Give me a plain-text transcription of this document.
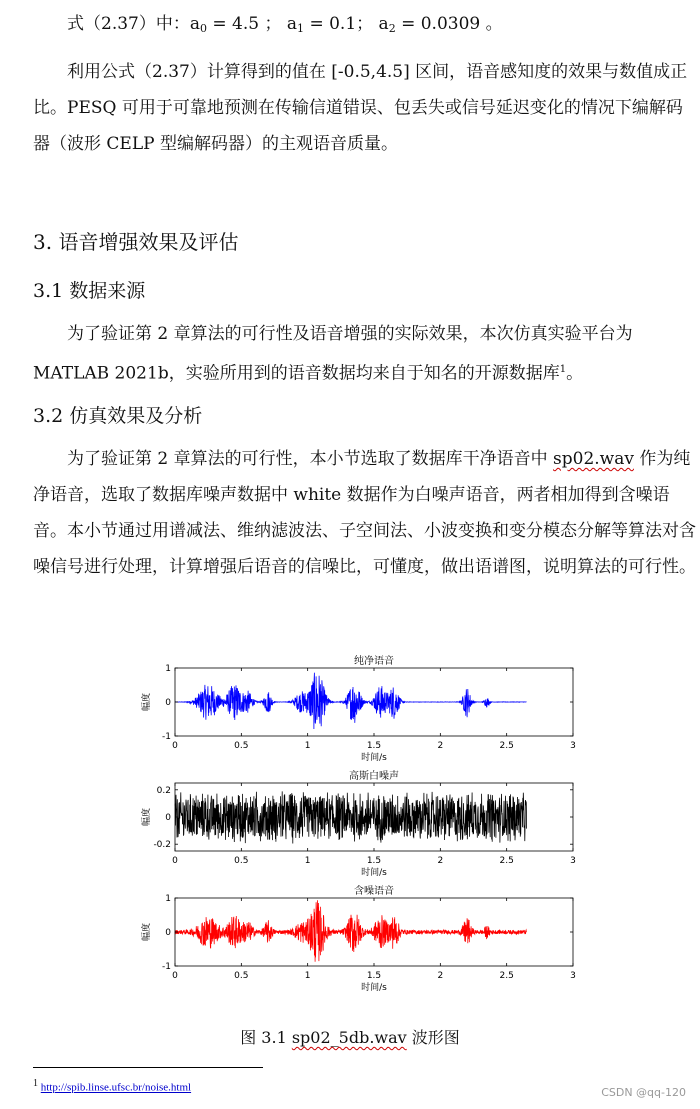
式（2.37）中：$a_0 = 4.5$ ； $a_1 = 0.1$； $a_2 = 0.0309$ 。

利用公式（2.37）计算得到的值在 [-0.5,4.5] 区间，语音感知度的效果与数值成正比。PESQ 可用于可靠地预测在传输信道错误、包丢失或信号延迟变化的情况下编解码器（波形 CELP 型编解码器）的主观语音质量。

3. 语音增强效果及评估
3.1 数据来源

为了验证第 2 章算法的可行性及语音增强的实际效果，本次仿真实验平台为 MATLAB 2021b，实验所用到的语音数据均来自于知名的开源数据库$^1$。

3.2 仿真效果及分析

为了验证第 2 章算法的可行性，本小节选取了数据库干净语音中 sp02.wav 作为纯净语音，选取了数据库噪声数据中 white 数据作为白噪声语音，两者相加得到含噪语音。本小节通过用谱减法、维纳滤波法、子空间法、小波变换和变分模态分解等算法对含噪信号进行处理，计算增强后语音的信噪比，可懂度，做出语谱图，说明算法的可行性。

0	0.5	1	1.5	2	2.5	3
1
0
-1
纯净语音
时间/s
幅度
0	0.5	1	1.5	2	2.5	3
0.2
0
-0.2
高斯白噪声
时间/s
幅度
0	0.5	1	1.5	2	2.5	3
1
0
-1
含噪语音
时间/s
幅度
图 3.1 sp02_5db.wav 波形图
$^1$ http://spib.linse.ufsc.br/noise.html	CSDN @qq-120
